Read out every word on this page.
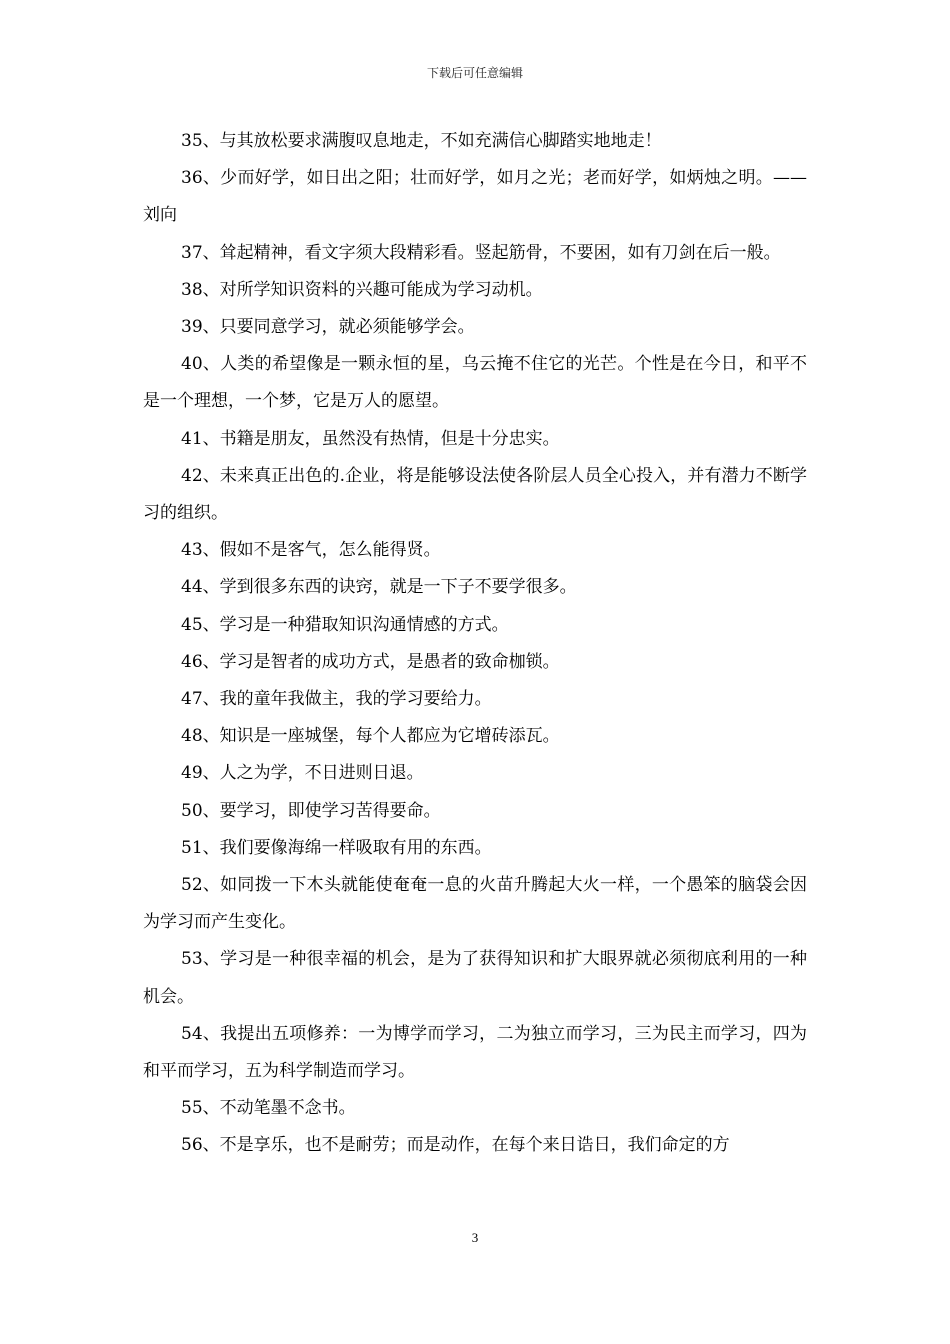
下载后可任意编辑

35、与其放松要求满腹叹息地走，不如充满信心脚踏实地地走！

36、少而好学，如日出之阳；壮而好学，如月之光；老而好学，如炳烛之明。——刘向

37、耸起精神，看文字须大段精彩看。竖起筋骨，不要困，如有刀剑在后一般。

38、对所学知识资料的兴趣可能成为学习动机。

39、只要同意学习，就必须能够学会。

40、人类的希望像是一颗永恒的星，乌云掩不住它的光芒。个性是在今日，和平不是一个理想，一个梦，它是万人的愿望。

41、书籍是朋友，虽然没有热情，但是十分忠实。

42、未来真正出色的.企业，将是能够设法使各阶层人员全心投入，并有潜力不断学习的组织。

43、假如不是客气，怎么能得贤。

44、学到很多东西的诀窍，就是一下子不要学很多。

45、学习是一种猎取知识沟通情感的方式。

46、学习是智者的成功方式，是愚者的致命枷锁。

47、我的童年我做主，我的学习要给力。

48、知识是一座城堡，每个人都应为它增砖添瓦。

49、人之为学，不日进则日退。

50、要学习，即使学习苦得要命。

51、我们要像海绵一样吸取有用的东西。

52、如同拨一下木头就能使奄奄一息的火苗升腾起大火一样，一个愚笨的脑袋会因为学习而产生变化。

53、学习是一种很幸福的机会，是为了获得知识和扩大眼界就必须彻底利用的一种机会。

54、我提出五项修养：一为博学而学习，二为独立而学习，三为民主而学习，四为和平而学习，五为科学制造而学习。

55、不动笔墨不念书。

56、不是享乐，也不是耐劳；而是动作，在每个来日诰日，我们命定的方

3
